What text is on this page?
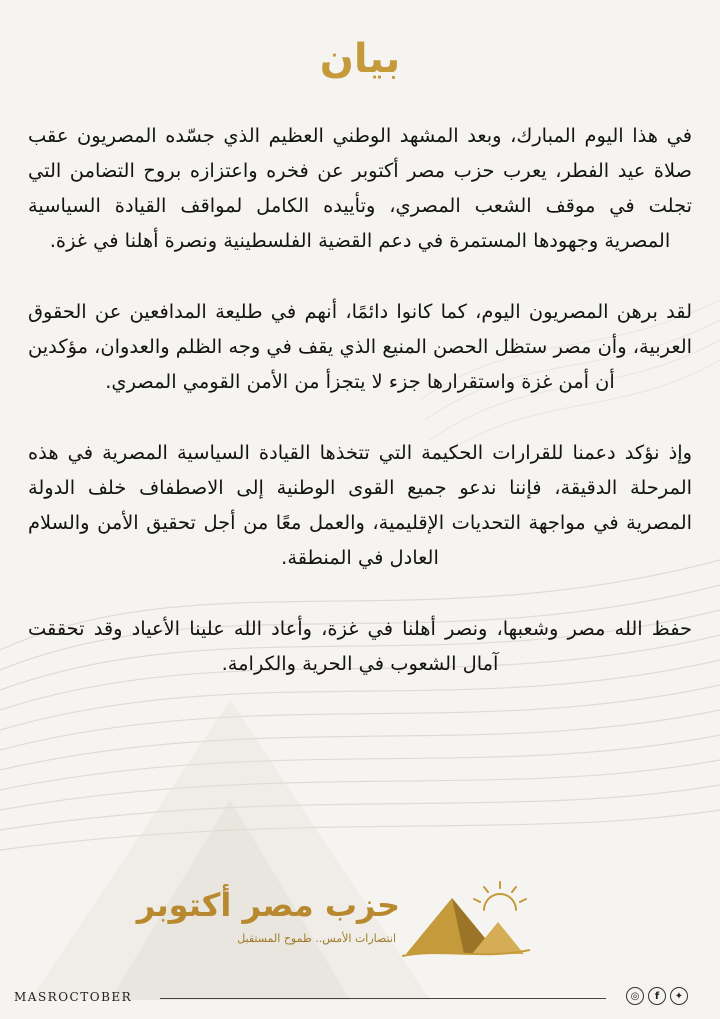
بيان

في هذا اليوم المبارك، وبعد المشهد الوطني العظيم الذي جسّده المصريون عقب صلاة عيد الفطر، يعرب حزب مصر أكتوبر عن فخره واعتزازه بروح التضامن التي تجلت في موقف الشعب المصري، وتأييده الكامل لمواقف القيادة السياسية المصرية وجهودها المستمرة في دعم القضية الفلسطينية ونصرة أهلنا في غزة.

لقد برهن المصريون اليوم، كما كانوا دائمًا، أنهم في طليعة المدافعين عن الحقوق العربية، وأن مصر ستظل الحصن المنيع الذي يقف في وجه الظلم والعدوان، مؤكدين أن أمن غزة واستقرارها جزء لا يتجزأ من الأمن القومي المصري.

وإذ نؤكد دعمنا للقرارات الحكيمة التي تتخذها القيادة السياسية المصرية في هذه المرحلة الدقيقة، فإننا ندعو جميع القوى الوطنية إلى الاصطفاف خلف الدولة المصرية في مواجهة التحديات الإقليمية، والعمل معًا من أجل تحقيق الأمن والسلام العادل في المنطقة.

حفظ الله مصر وشعبها، ونصر أهلنا في غزة، وأعاد الله علينا الأعياد وقد تحققت آمال الشعوب في الحرية والكرامة.

حزب مصر أكتوبر
انتصارات الأمس.. طموح المستقبل
MASROCTOBER	◎	f	✦
